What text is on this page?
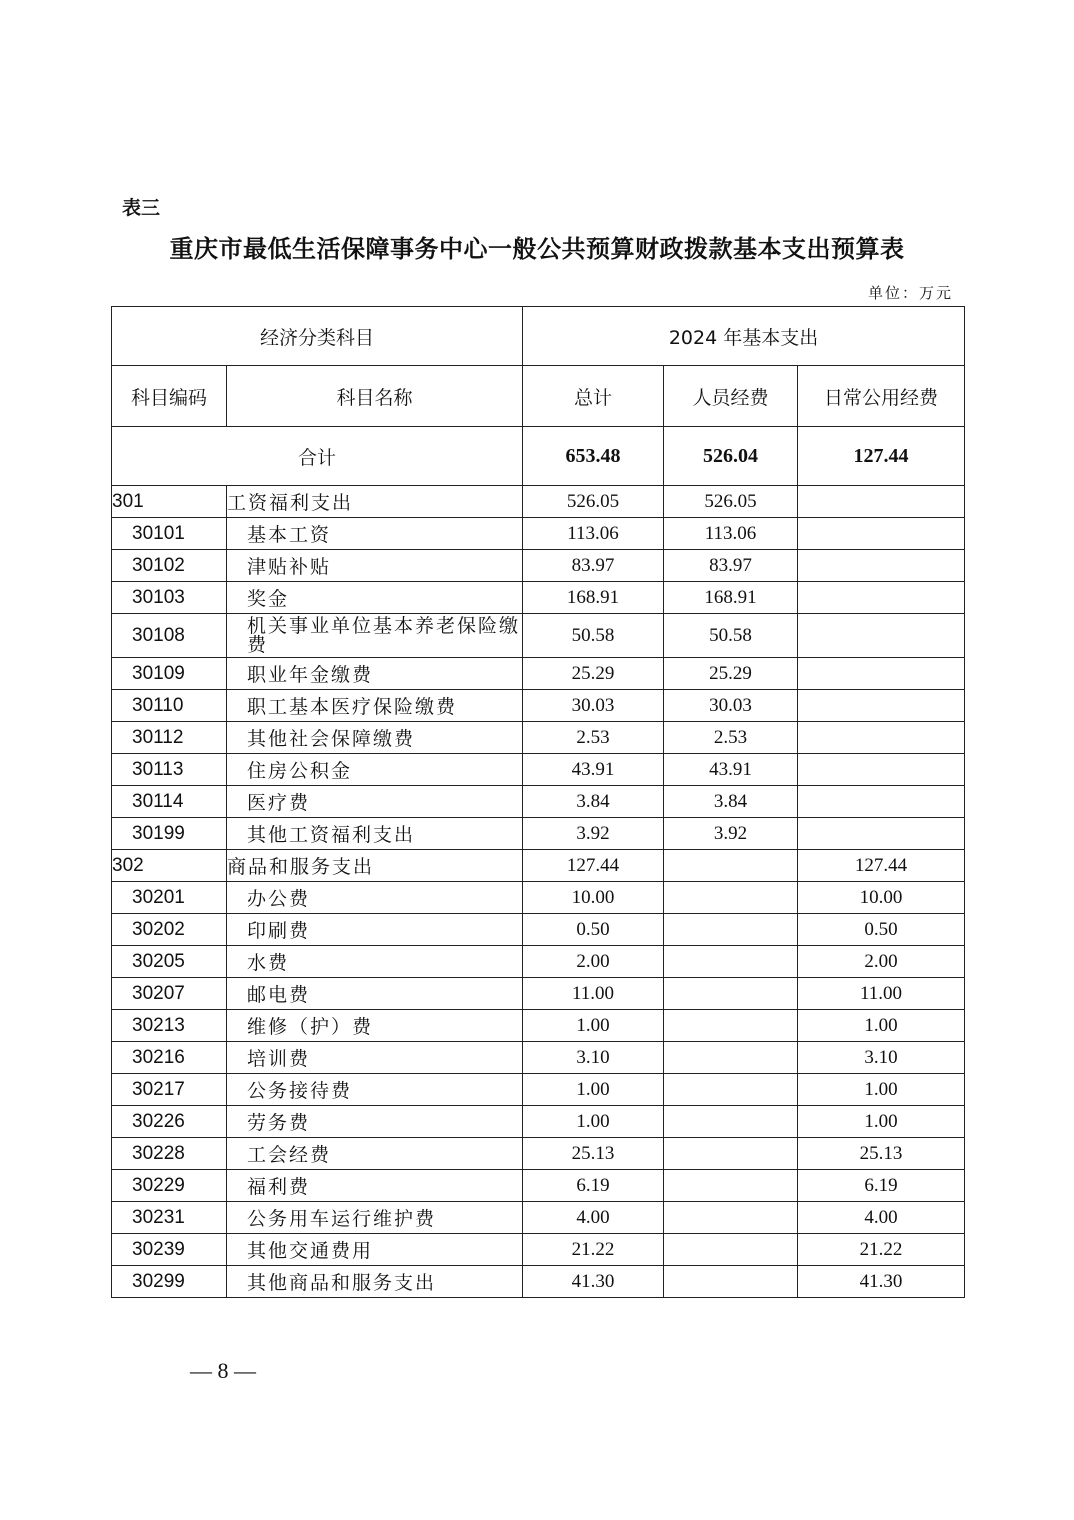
表三
重庆市最低生活保障事务中心一般公共预算财政拨款基本支出预算表
单位：万元
经济分类科目		2024 年基本支出		
科目编码	科目名称	总计	人员经费	日常公用经费
合计		653.48	526.04	127.44
301	工资福利支出	526.05	526.05	
30101	基本工资	113.06	113.06	
30102	津贴补贴	83.97	83.97	
30103	奖金	168.91	168.91	
30108	机关事业单位基本养老保险缴费	50.58	50.58	
30109	职业年金缴费	25.29	25.29	
30110	职工基本医疗保险缴费	30.03	30.03	
30112	其他社会保障缴费	2.53	2.53	
30113	住房公积金	43.91	43.91	
30114	医疗费	3.84	3.84	
30199	其他工资福利支出	3.92	3.92	
302	商品和服务支出	127.44		127.44
30201	办公费	10.00		10.00
30202	印刷费	0.50		0.50
30205	水费	2.00		2.00
30207	邮电费	11.00		11.00
30213	维修（护）费	1.00		1.00
30216	培训费	3.10		3.10
30217	公务接待费	1.00		1.00
30226	劳务费	1.00		1.00
30228	工会经费	25.13		25.13
30229	福利费	6.19		6.19
30231	公务用车运行维护费	4.00		4.00
30239	其他交通费用	21.22		21.22
30299	其他商品和服务支出	41.30		41.30
— 8 —
